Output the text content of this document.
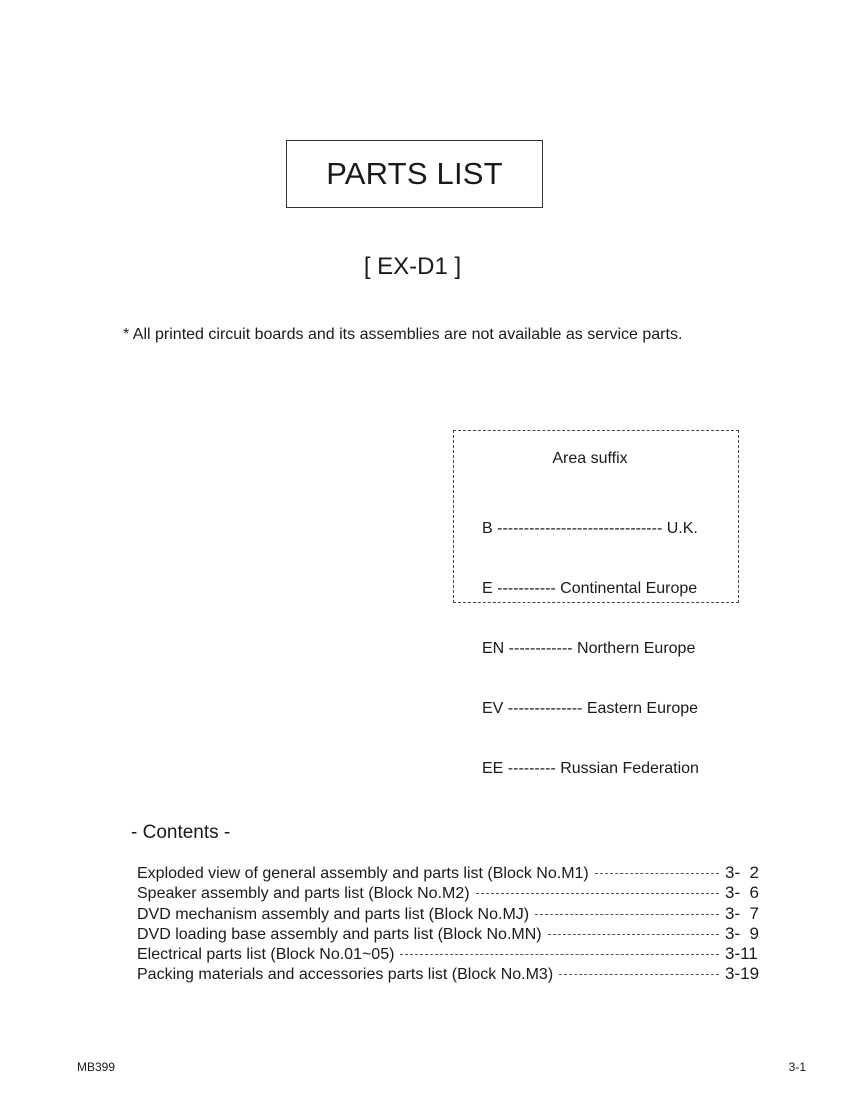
PARTS LIST
[ EX-D1 ]
* All printed circuit boards and its assemblies are not available as service parts.
Area suffix

B ------------------------------- U.K.

E ----------- Continental Europe

EN ------------ Northern Europe

EV -------------- Eastern Europe

EE --------- Russian Federation

- Contents -
Exploded view of general assembly and parts list (Block No.M1)	3-  2
Speaker assembly and parts list (Block No.M2)	3-  6
DVD mechanism assembly and parts list (Block No.MJ)	3-  7
DVD loading base assembly and parts list (Block No.MN)	3-  9
Electrical parts list (Block No.01~05)	3-11
Packing materials and accessories parts list (Block No.M3)	3-19
MB399	3-1
